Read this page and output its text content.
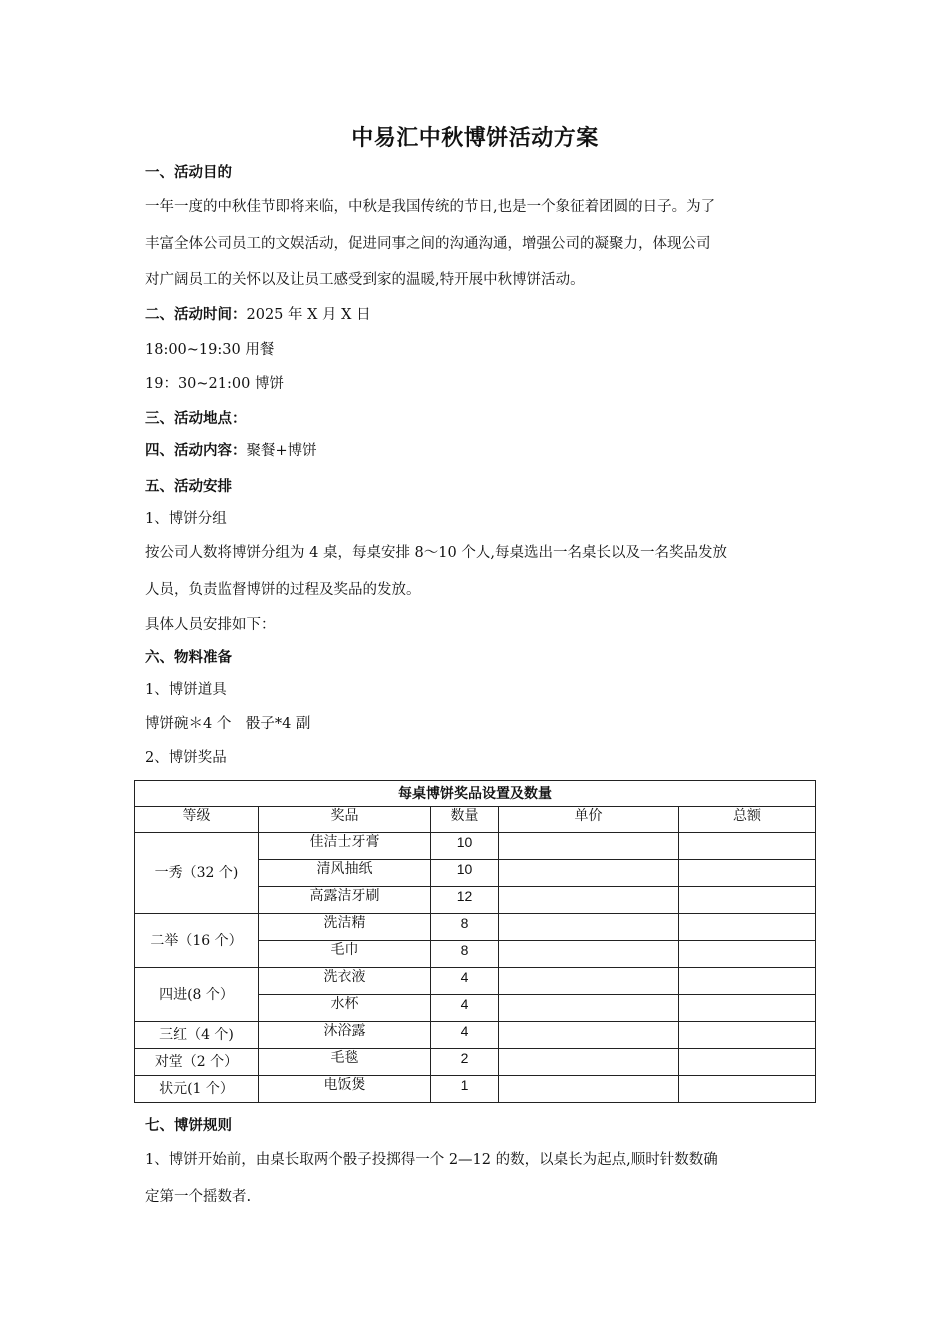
中易汇中秋博饼活动方案
一、活动目的
一年一度的中秋佳节即将来临，中秋是我国传统的节日,也是一个象征着团圆的日子。为了
丰富全体公司员工的文娱活动，促进同事之间的沟通沟通，增强公司的凝聚力，体现公司
对广阔员工的关怀以及让员工感受到家的温暖,特开展中秋博饼活动。
二、活动时间：2025 年 X 月 X 日
18:00~19:30 用餐
19：30~21:00 博饼
三、活动地点：
四、活动内容：聚餐+博饼
五、活动安排
1、博饼分组
按公司人数将博饼分组为 4 桌，每桌安排 8～10 个人,每桌选出一名桌长以及一名奖品发放
人员，负责监督博饼的过程及奖品的发放。
具体人员安排如下：
六、物料准备
1、博饼道具
博饼碗＊4 个　骰子*4 副
2、博饼奖品
每桌博饼奖品设置及数量				
等级	奖品	数量	单价	总额
一秀（32 个)	佳洁士牙膏	10		
	清风抽纸	10		
	高露洁牙刷	12		
二举（16 个）	洗洁精	8		
	毛巾	8		
四进(8 个）	洗衣液	4		
	水杯	4		
三红（4 个)	沐浴露	4		
对堂（2 个）	毛毯	2		
状元(1 个）	电饭煲	1		
七、博饼规则
1、博饼开始前，由桌长取两个骰子投掷得一个 2—12 的数，以桌长为起点,顺时针数数确
定第一个摇数者.
